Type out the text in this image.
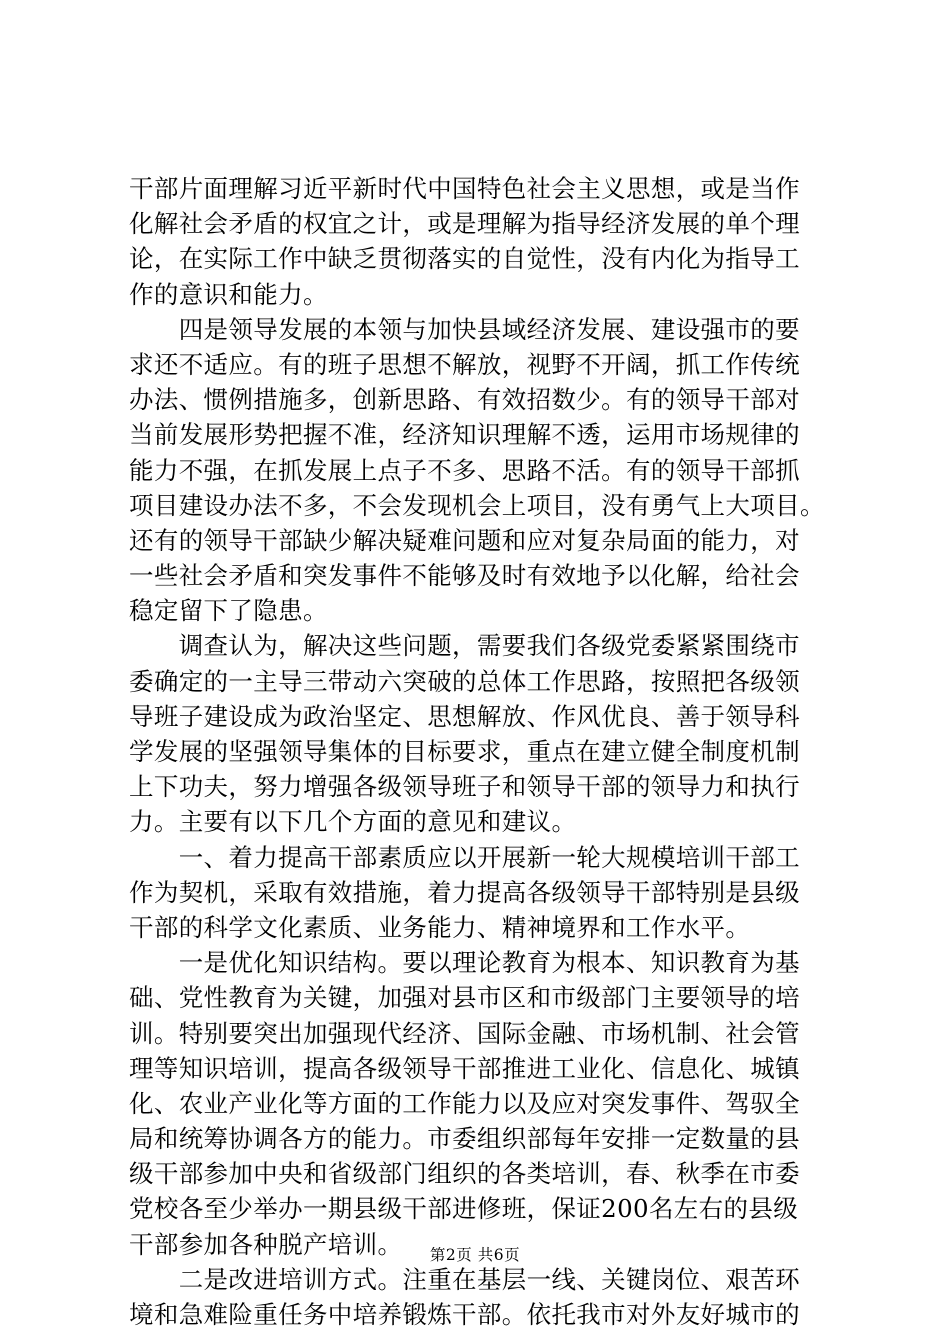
干部片面理解习近平新时代中国特色社会主义思想，或是当作
化解社会矛盾的权宜之计，或是理解为指导经济发展的单个理
论，在实际工作中缺乏贯彻落实的自觉性，没有内化为指导工
作的意识和能力。
　　四是领导发展的本领与加快县域经济发展、建设强市的要
求还不适应。有的班子思想不解放，视野不开阔，抓工作传统
办法、惯例措施多，创新思路、有效招数少。有的领导干部对
当前发展形势把握不准，经济知识理解不透，运用市场规律的
能力不强，在抓发展上点子不多、思路不活。有的领导干部抓
项目建设办法不多，不会发现机会上项目，没有勇气上大项目。
还有的领导干部缺少解决疑难问题和应对复杂局面的能力，对
一些社会矛盾和突发事件不能够及时有效地予以化解，给社会
稳定留下了隐患。
　　调查认为，解决这些问题，需要我们各级党委紧紧围绕市
委确定的一主导三带动六突破的总体工作思路，按照把各级领
导班子建设成为政治坚定、思想解放、作风优良、善于领导科
学发展的坚强领导集体的目标要求，重点在建立健全制度机制
上下功夫，努力增强各级领导班子和领导干部的领导力和执行
力。主要有以下几个方面的意见和建议。
　　一、着力提高干部素质应以开展新一轮大规模培训干部工
作为契机，采取有效措施，着力提高各级领导干部特别是县级
干部的科学文化素质、业务能力、精神境界和工作水平。
　　一是优化知识结构。要以理论教育为根本、知识教育为基
础、党性教育为关键，加强对县市区和市级部门主要领导的培
训。特别要突出加强现代经济、国际金融、市场机制、社会管
理等知识培训，提高各级领导干部推进工业化、信息化、城镇
化、农业产业化等方面的工作能力以及应对突发事件、驾驭全
局和统筹协调各方的能力。市委组织部每年安排一定数量的县
级干部参加中央和省级部门组织的各类培训，春、秋季在市委
党校各至少举办一期县级干部进修班，保证200名左右的县级
干部参加各种脱产培训。
　　二是改进培训方式。注重在基层一线、关键岗位、艰苦环
境和急难险重任务中培养锻炼干部。依托我市对外友好城市的
第2页 共6页
